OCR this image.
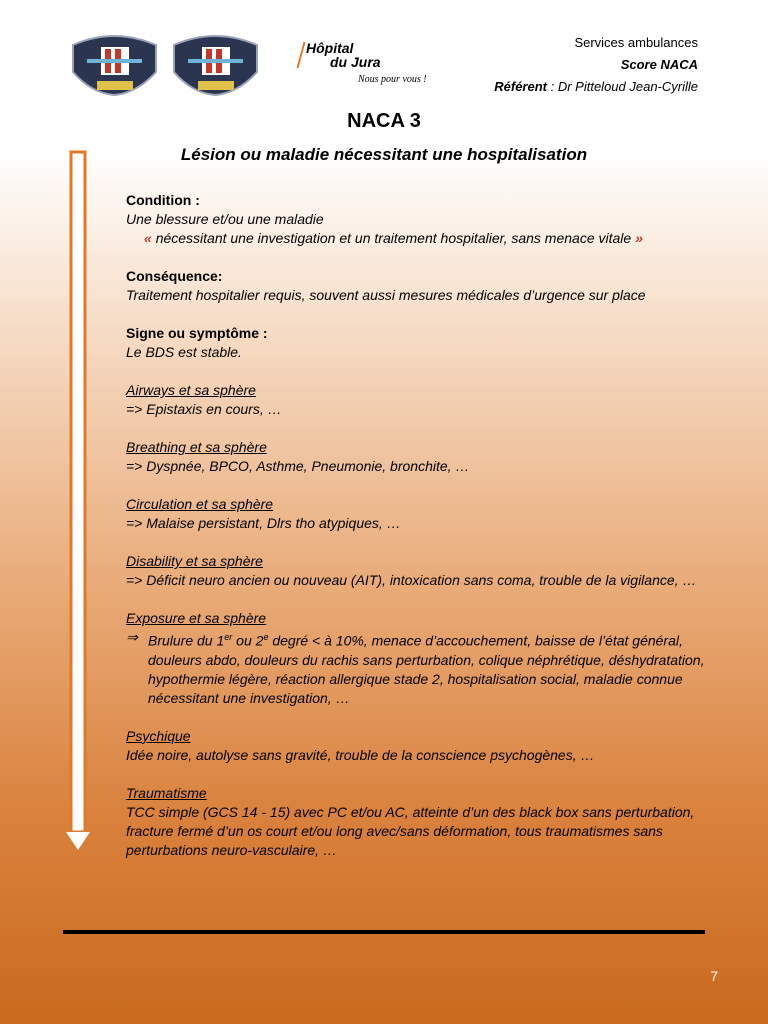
Hôpital
du Jura
Nous pour vous !
Services ambulances
Score NACA
Référent : Dr Pitteloud Jean-Cyrille
NACA 3
Lésion ou maladie nécessitant une hospitalisation
Condition :
Une blessure et/ou une maladie
« nécessitant une investigation et un traitement hospitalier, sans menace vitale »
Conséquence:
Traitement hospitalier requis, souvent aussi mesures médicales d’urgence sur place
Signe ou symptôme :
Le BDS est stable.
Airways et sa sphère
=> Epistaxis en cours, …
Breathing et sa sphère
=> Dyspnée, BPCO, Asthme, Pneumonie, bronchite, …
Circulation et sa sphère
=> Malaise persistant, Dlrs tho atypiques, …
Disability et sa sphère
=> Déficit neuro ancien ou nouveau (AIT), intoxication sans coma, trouble de la vigilance, …
Exposure et sa sphère
⇒ Brulure du 1er ou 2e degré < à 10%, menace d’accouchement, baisse de l’état général, douleurs abdo, douleurs du rachis sans perturbation, colique néphrétique, déshydratation, hypothermie légère, réaction allergique stade 2, hospitalisation social, maladie connue nécessitant une investigation, …
Psychique
Idée noire, autolyse sans gravité, trouble de la conscience psychogènes, …
Traumatisme
TCC simple (GCS 14 - 15) avec PC et/ou AC, atteinte d’un des black box sans perturbation, fracture fermé d’un os court et/ou long avec/sans déformation, tous traumatismes sans perturbations neuro-vasculaire, …
7
